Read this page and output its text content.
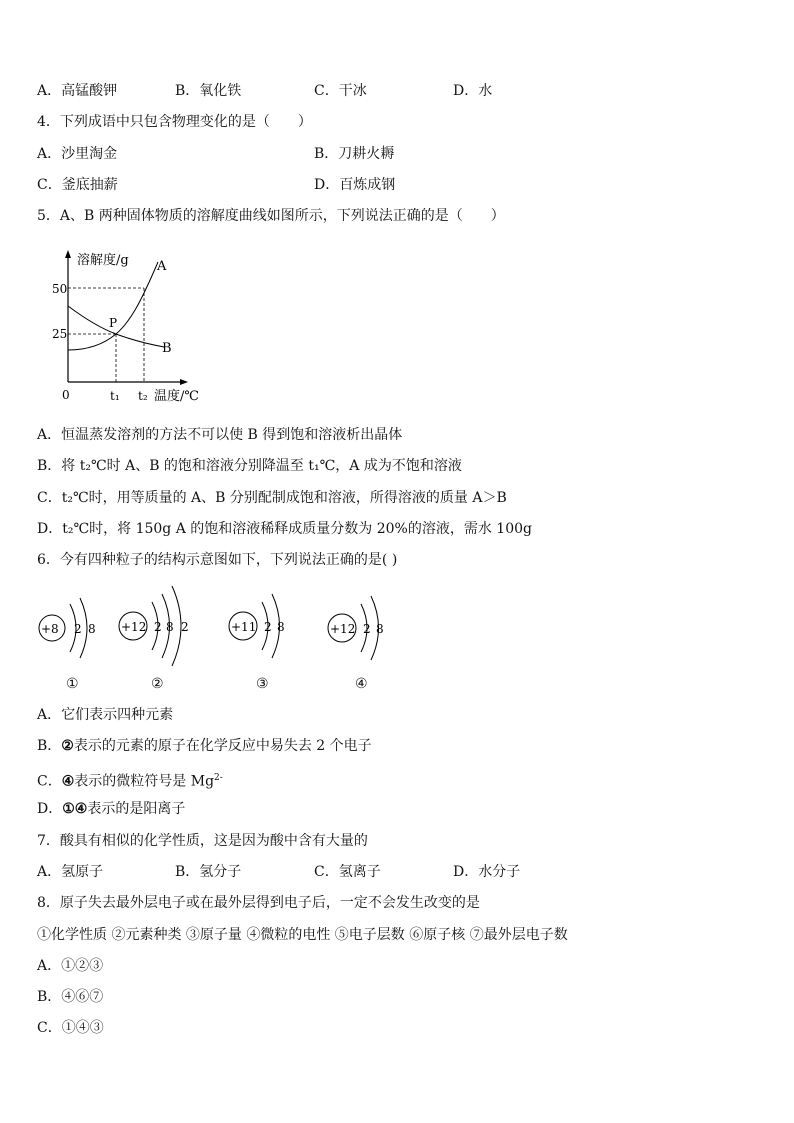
A．高锰酸钾	B．氧化铁	C．干冰	D．水
4．下列成语中只包含物理变化的是（　　）
A．沙里淘金	B．刀耕火耨
C．釜底抽薪	D．百炼成钢
5．A、B 两种固体物质的溶解度曲线如图所示，下列说法正确的是（　　）
溶解度/g
50
25
0	t₁ t₂ 温度/℃
P
A
B
A．恒温蒸发溶剂的方法不可以使 B 得到饱和溶液析出晶体
B．将 t₂℃时 A、B 的饱和溶液分别降温至 t₁℃，A 成为不饱和溶液
C．t₂℃时，用等质量的 A、B 分别配制成饱和溶液，所得溶液的质量 A＞B
D．t₂℃时，将 150g A 的饱和溶液稀释成质量分数为 20%的溶液，需水 100g
6．今有四种粒子的结构示意图如下，下列说法正确的是( )
+8 2 8 +12 2 8 2	+11 2 8	+12 2 8
①	②	③	④
A．它们表示四种元素
B．②表示的元素的原子在化学反应中易失去 2 个电子
C．④表示的微粒符号是 $Mg^{2-}$
D．①④表示的是阳离子
7．酸具有相似的化学性质，这是因为酸中含有大量的
A．氢原子	B．氢分子	C．氢离子	D．水分子
8．原子失去最外层电子或在最外层得到电子后，一定不会发生改变的是
①化学性质 ②元素种类 ③原子量 ④微粒的电性 ⑤电子层数 ⑥原子核 ⑦最外层电子数
A．①②③
B．④⑥⑦
C．①④③
